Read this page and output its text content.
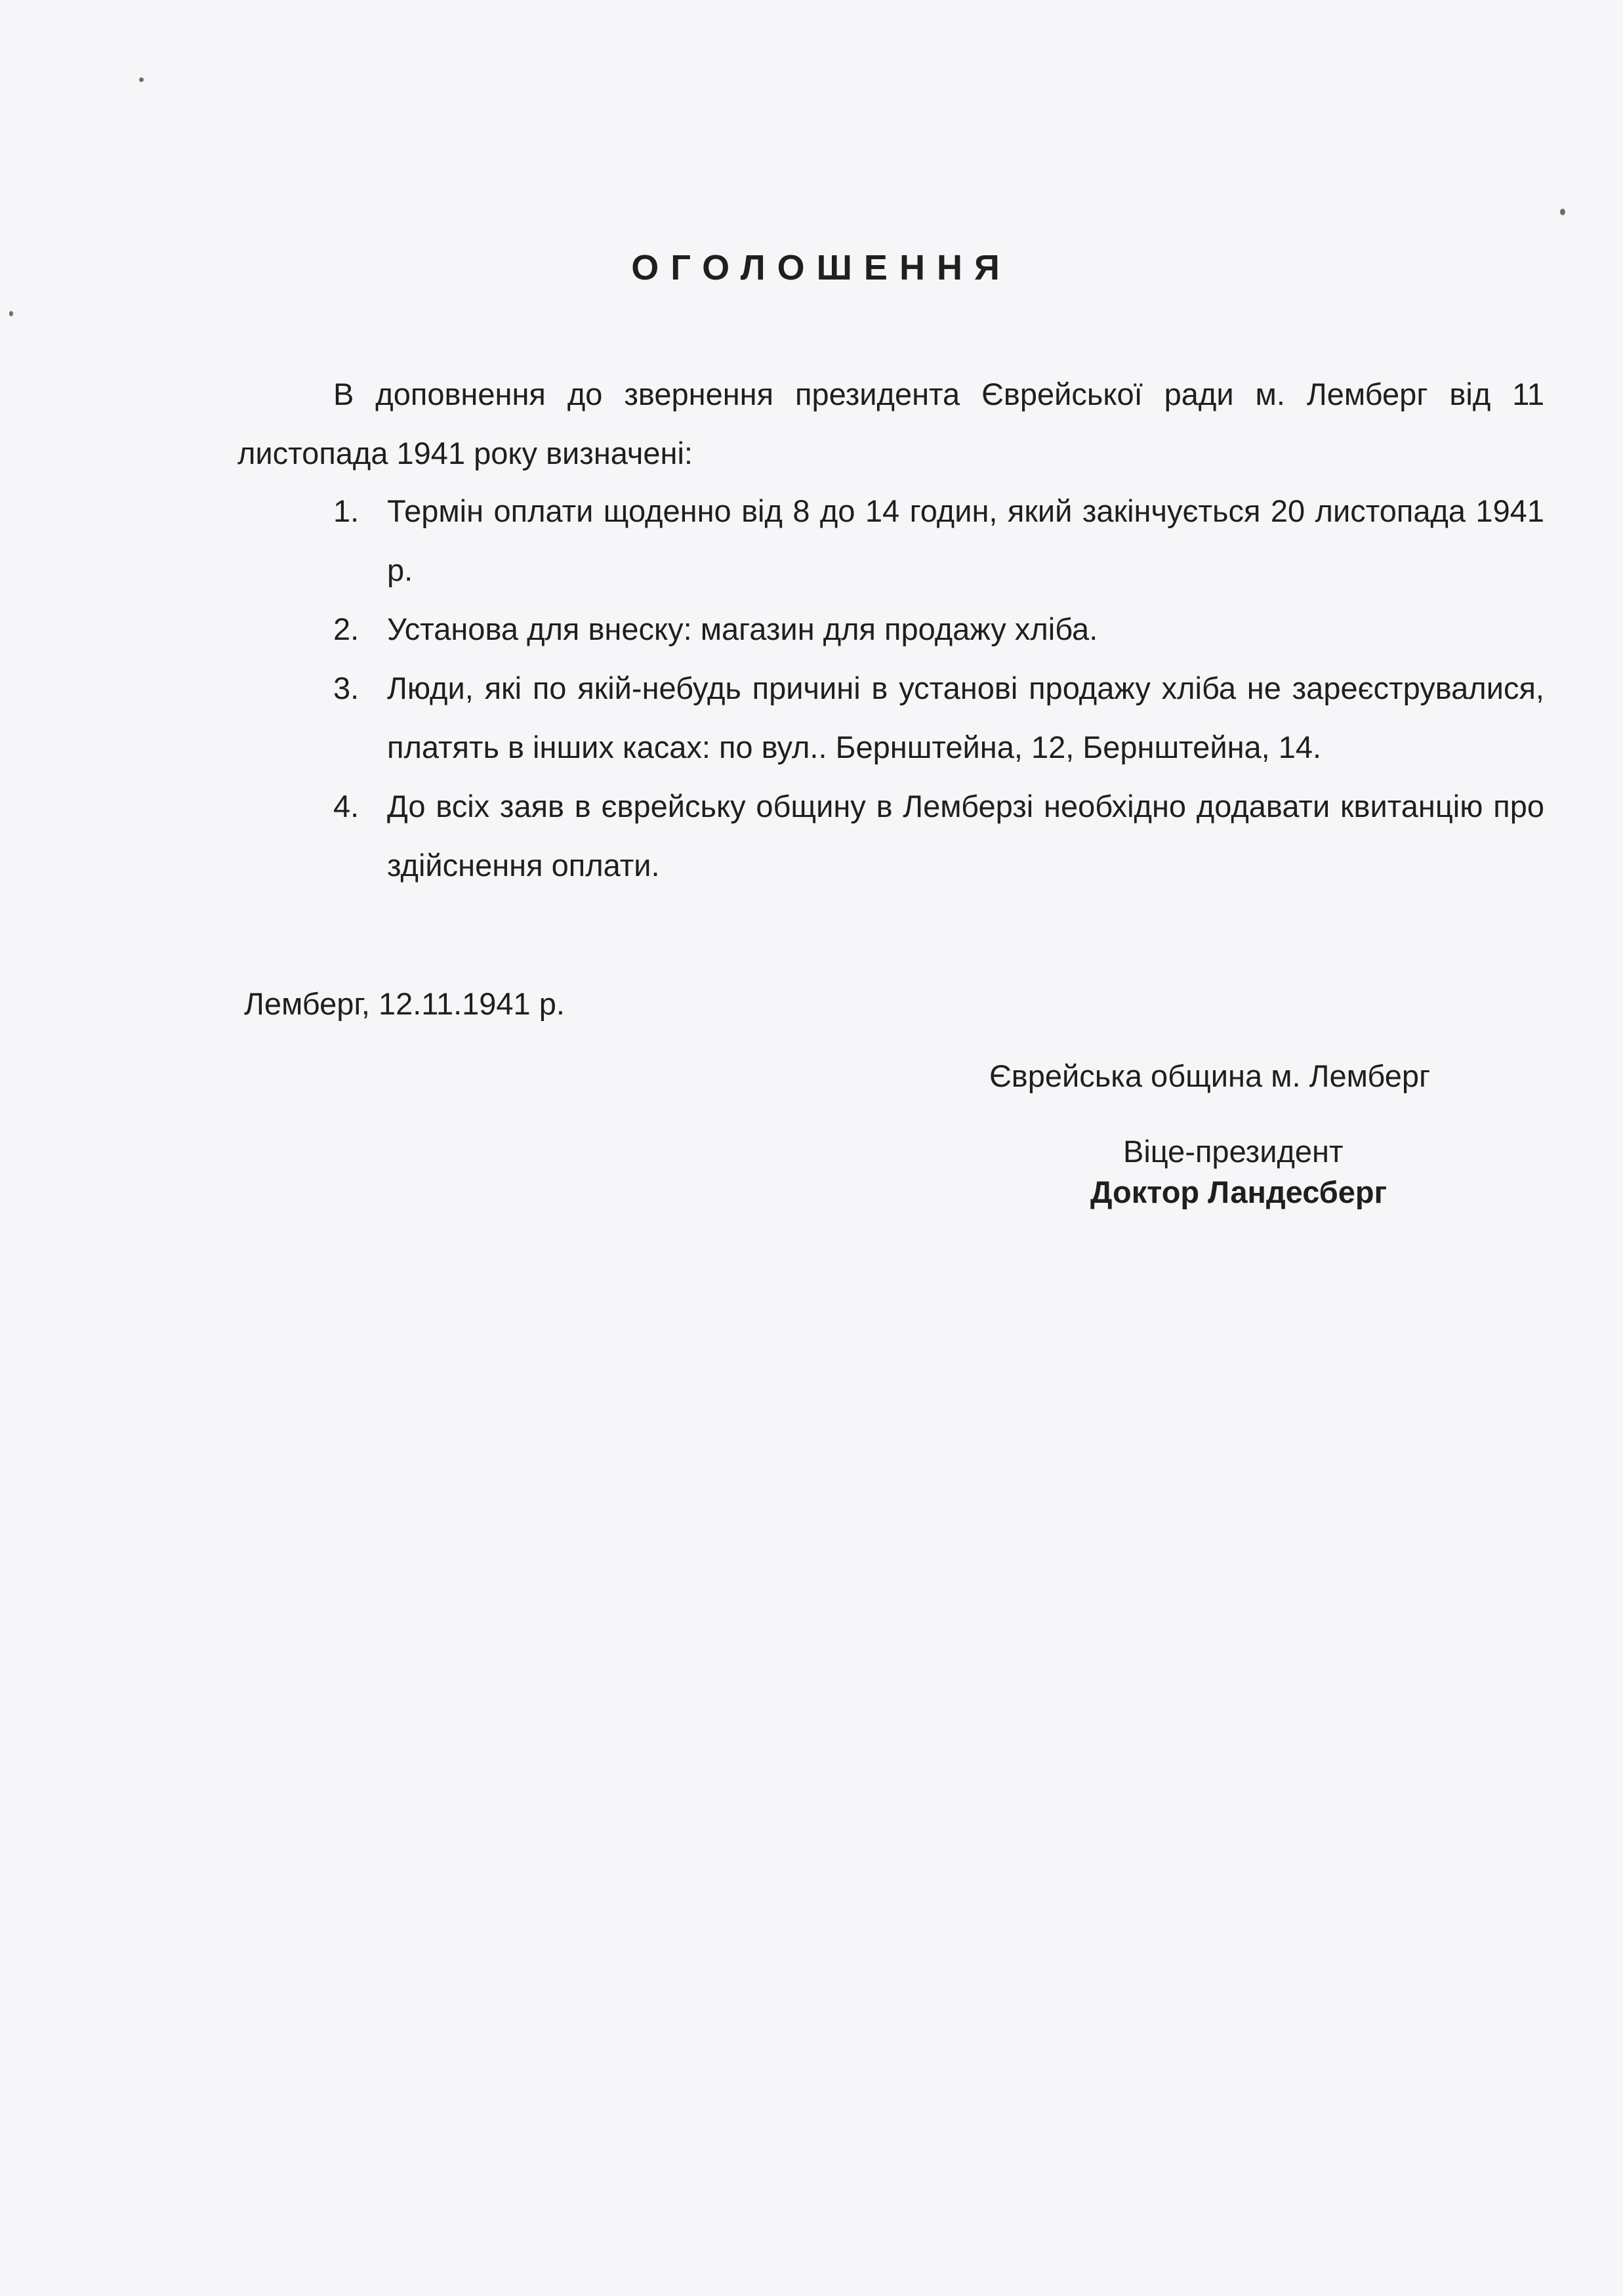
ОГОЛОШЕННЯ

В доповнення до звернення президента Єврейської ради м. Лемберг від 11 листопада 1941 року визначені:

1. Термін оплати щоденно від 8 до 14 годин, який закінчується 20 листопада 1941 р.
2. Установа для внеску: магазин для продажу хліба.
3. Люди, які по якій-небудь причині в установі продажу хліба не зареєструвалися, платять в інших касах: по вул.. Бернштейна, 12, Бернштейна, 14.
4. До всіх заяв в єврейську общину в Лемберзі необхідно додавати квитанцію про здійснення оплати.
Лемберг, 12.11.1941 р.
Єврейська община м. Лемберг
Віце-президент
Доктор Ландесберг
